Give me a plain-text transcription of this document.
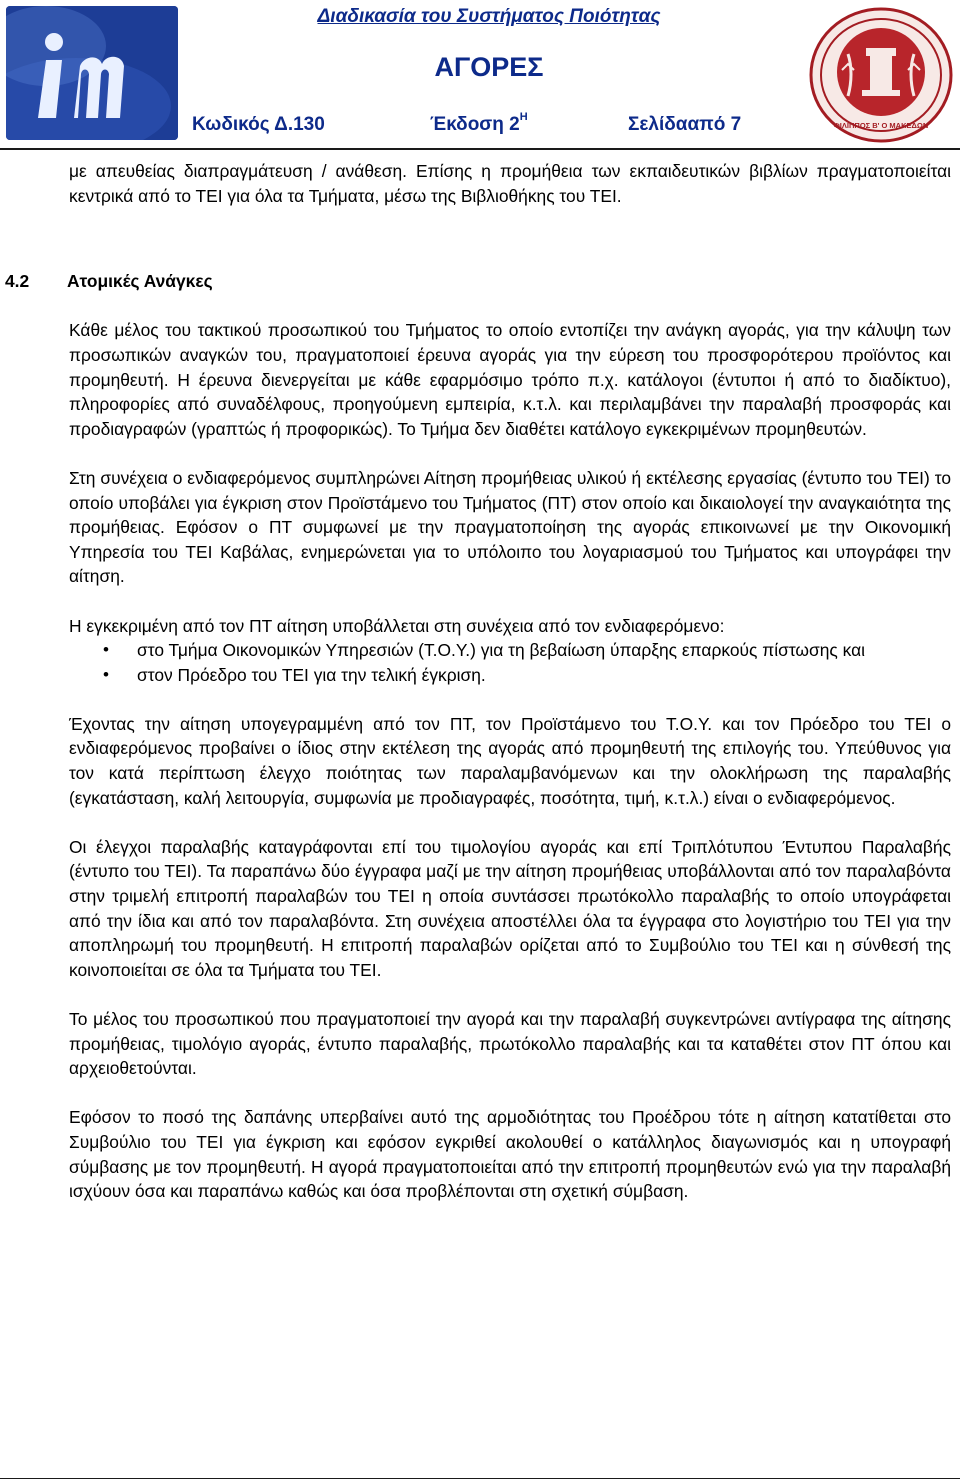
Διαδικασία του Συστήματος Ποιότητας
ΑΓΟΡΕΣ
Κωδικός Δ.130	Έκδοση $2^H$	Σελίδα
από 7	ΦΙΛΙΠΠΟΣ Β' Ο ΜΑΚΕΔΩΝ

με απευθείας διαπραγμάτευση / ανάθεση. Επίσης η προμήθεια των εκπαιδευτικών βιβλίων πραγματοποιείται κεντρικά από το ΤΕΙ για όλα τα Τμήματα, μέσω της Βιβλιοθήκης του ΤΕΙ.

4.2 Ατομικές Ανάγκες

Κάθε μέλος του τακτικού προσωπικού του Τμήματος το οποίο εντοπίζει την ανάγκη αγοράς, για την κάλυψη των προσωπικών αναγκών του, πραγματοποιεί έρευνα αγοράς για την εύρεση του προσφορότερου προϊόντος και προμηθευτή. Η έρευνα διενεργείται με κάθε εφαρμόσιμο τρόπο π.χ. κατάλογοι (έντυποι ή από το διαδίκτυο), πληροφορίες από συναδέλφους, προηγούμενη εμπειρία, κ.τ.λ. και περιλαμβάνει την παραλαβή προσφοράς και προδιαγραφών (γραπτώς ή προφορικώς). Το Τμήμα δεν διαθέτει κατάλογο εγκεκριμένων προμηθευτών.

Στη συνέχεια ο ενδιαφερόμενος συμπληρώνει Αίτηση προμήθειας υλικού ή εκτέλεσης εργασίας (έντυπο του ΤΕΙ) το οποίο υποβάλει για έγκριση στον Προϊστάμενο του Τμήματος (ΠΤ) στον οποίο και δικαιολογεί την αναγκαιότητα της προμήθειας. Εφόσον ο ΠΤ συμφωνεί με την πραγματοποίηση της αγοράς επικοινωνεί με την Οικονομική Υπηρεσία του ΤΕΙ Καβάλας, ενημερώνεται για το υπόλοιπο του λογαριασμού του Τμήματος και υπογράφει την αίτηση.

Η εγκεκριμένη από τον ΠΤ αίτηση υποβάλλεται στη συνέχεια από τον ενδιαφερόμενο:

• στο Τμήμα Οικονομικών Υπηρεσιών (Τ.Ο.Υ.) για τη βεβαίωση ύπαρξης επαρκούς πίστωσης και
• στον Πρόεδρο του ΤΕΙ για την τελική έγκριση.

Έχοντας την αίτηση υπογεγραμμένη από τον ΠΤ, τον Προϊστάμενο του Τ.Ο.Υ. και τον Πρόεδρο του ΤΕΙ ο ενδιαφερόμενος προβαίνει ο ίδιος στην εκτέλεση της αγοράς από προμηθευτή της επιλογής του. Υπεύθυνος για τον κατά περίπτωση έλεγχο ποιότητας των παραλαμβανόμενων και την ολοκλήρωση της παραλαβής (εγκατάσταση, καλή λειτουργία, συμφωνία με προδιαγραφές, ποσότητα, τιμή, κ.τ.λ.) είναι ο ενδιαφερόμενος.

Οι έλεγχοι παραλαβής καταγράφονται επί του τιμολογίου αγοράς και επί Τριπλότυπου Έντυπου Παραλαβής (έντυπο του ΤΕΙ). Τα παραπάνω δύο έγγραφα μαζί με την αίτηση προμήθειας υποβάλλονται από τον παραλαβόντα στην τριμελή επιτροπή παραλαβών του ΤΕΙ η οποία συντάσσει πρωτόκολλο παραλαβής το οποίο υπογράφεται από την ίδια και από τον παραλαβόντα. Στη συνέχεια αποστέλλει όλα τα έγγραφα στο λογιστήριο του ΤΕΙ για την αποπληρωμή του προμηθευτή. Η επιτροπή παραλαβών ορίζεται από το Συμβούλιο του ΤΕΙ και η σύνθεσή της κοινοποιείται σε όλα τα Τμήματα του ΤΕΙ.

Το μέλος του προσωπικού που πραγματοποιεί την αγορά και την παραλαβή συγκεντρώνει αντίγραφα της αίτησης προμήθειας, τιμολόγιο αγοράς, έντυπο παραλαβής, πρωτόκολλο παραλαβής και τα καταθέτει στον ΠΤ όπου και αρχειοθετούνται.

Εφόσον το ποσό της δαπάνης υπερβαίνει αυτό της αρμοδιότητας του Προέδρου τότε η αίτηση κατατίθεται στο Συμβούλιο του ΤΕΙ για έγκριση και εφόσον εγκριθεί ακολουθεί ο κατάλληλος διαγωνισμός και η υπογραφή σύμβασης με τον προμηθευτή. Η αγορά πραγματοποιείται από την επιτροπή προμηθευτών ενώ για την παραλαβή ισχύουν όσα και παραπάνω καθώς και όσα προβλέπονται στη σχετική σύμβαση.
